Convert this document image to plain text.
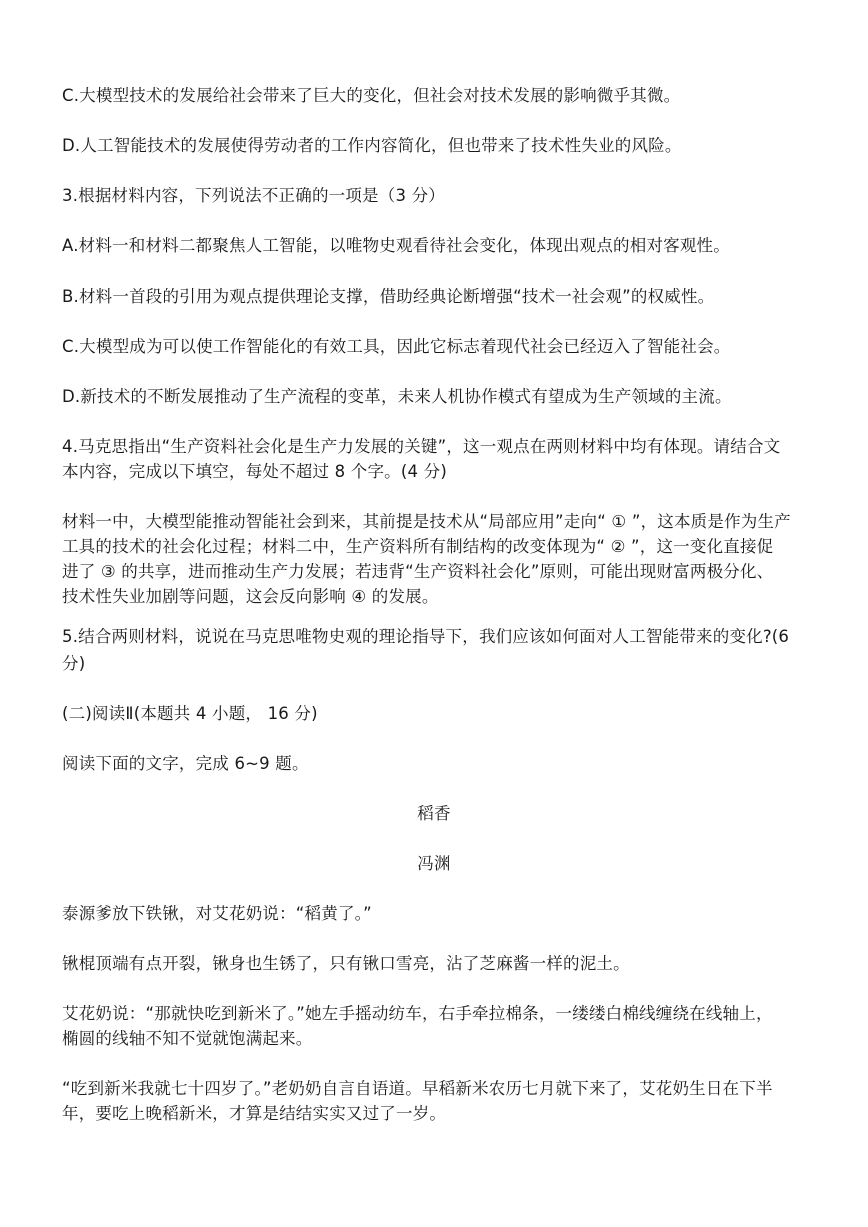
C.大模型技术的发展给社会带来了巨大的变化，但社会对技术发展的影响微乎其微。
D.人工智能技术的发展使得劳动者的工作内容简化，但也带来了技术性失业的风险。
3.根据材料内容，下列说法不正确的一项是（3 分）
A.材料一和材料二都聚焦人工智能，以唯物史观看待社会变化，体现出观点的相对客观性。
B.材料一首段的引用为观点提供理论支撑，借助经典论断增强“技术一社会观”的权威性。
C.大模型成为可以使工作智能化的有效工具，因此它标志着现代社会已经迈入了智能社会。
D.新技术的不断发展推动了生产流程的变革，未来人机协作模式有望成为生产领域的主流。
4.马克思指出“生产资料社会化是生产力发展的关键”，这一观点在两则材料中均有体现。请结合文
本内容，完成以下填空，每处不超过 8 个字。(4 分)
材料一中，大模型能推动智能社会到来，其前提是技术从“局部应用”走向“ ① ”，这本质是作为生产
工具的技术的社会化过程；材料二中，生产资料所有制结构的改变体现为“ ② ”，这一变化直接促
进了 ③ 的共享，进而推动生产力发展；若违背“生产资料社会化”原则，可能出现财富两极分化、
技术性失业加剧等问题，这会反向影响 ④ 的发展。
5.结合两则材料，说说在马克思唯物史观的理论指导下，我们应该如何面对人工智能带来的变化?(6
分)
(二)阅读Ⅱ(本题共 4 小题， 16 分)
阅读下面的文字，完成 6~9 题。
稻香
冯渊
泰源爹放下铁锹，对艾花奶说：“稻黄了。”
锹棍顶端有点开裂，锹身也生锈了，只有锹口雪亮，沾了芝麻酱一样的泥土。
艾花奶说：“那就快吃到新米了。”她左手摇动纺车，右手牵拉棉条，一缕缕白棉线缠绕在线轴上，
椭圆的线轴不知不觉就饱满起来。
“吃到新米我就七十四岁了。”老奶奶自言自语道。早稻新米农历七月就下来了，艾花奶生日在下半
年，要吃上晚稻新米，才算是结结实实又过了一岁。
